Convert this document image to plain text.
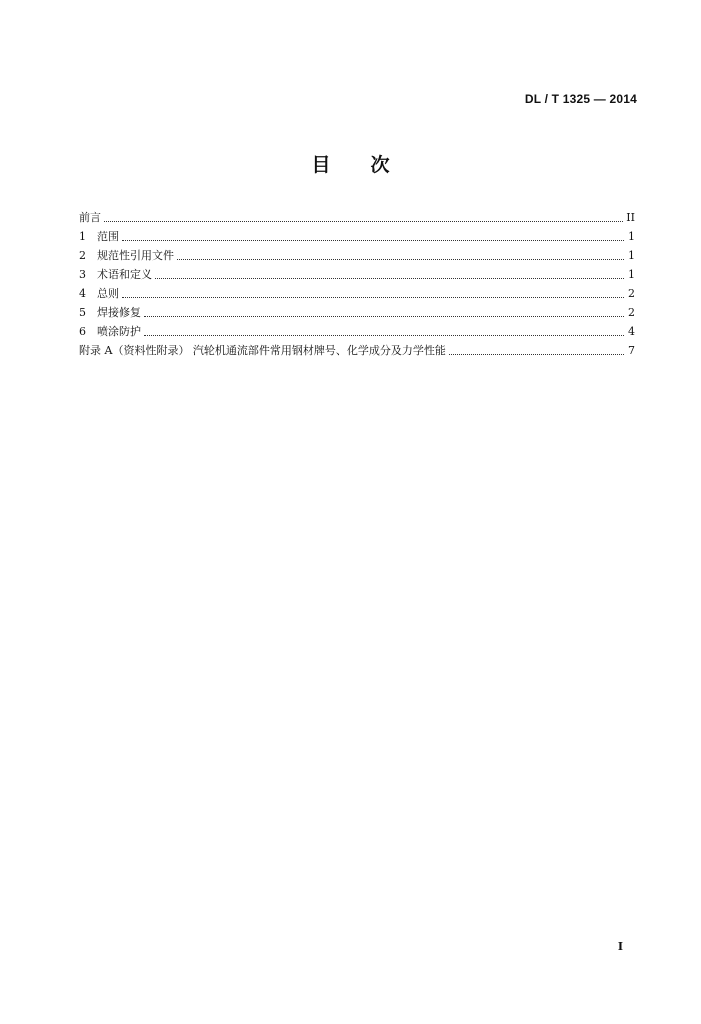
DL / T 1325 — 2014
目 次
前言	II
1	范围	1
2	规范性引用文件	1
3	术语和定义	1
4	总则	2
5	焊接修复	2
6	喷涂防护	4
附录 A（资料性附录） 汽轮机通流部件常用钢材牌号、化学成分及力学性能	7
I
